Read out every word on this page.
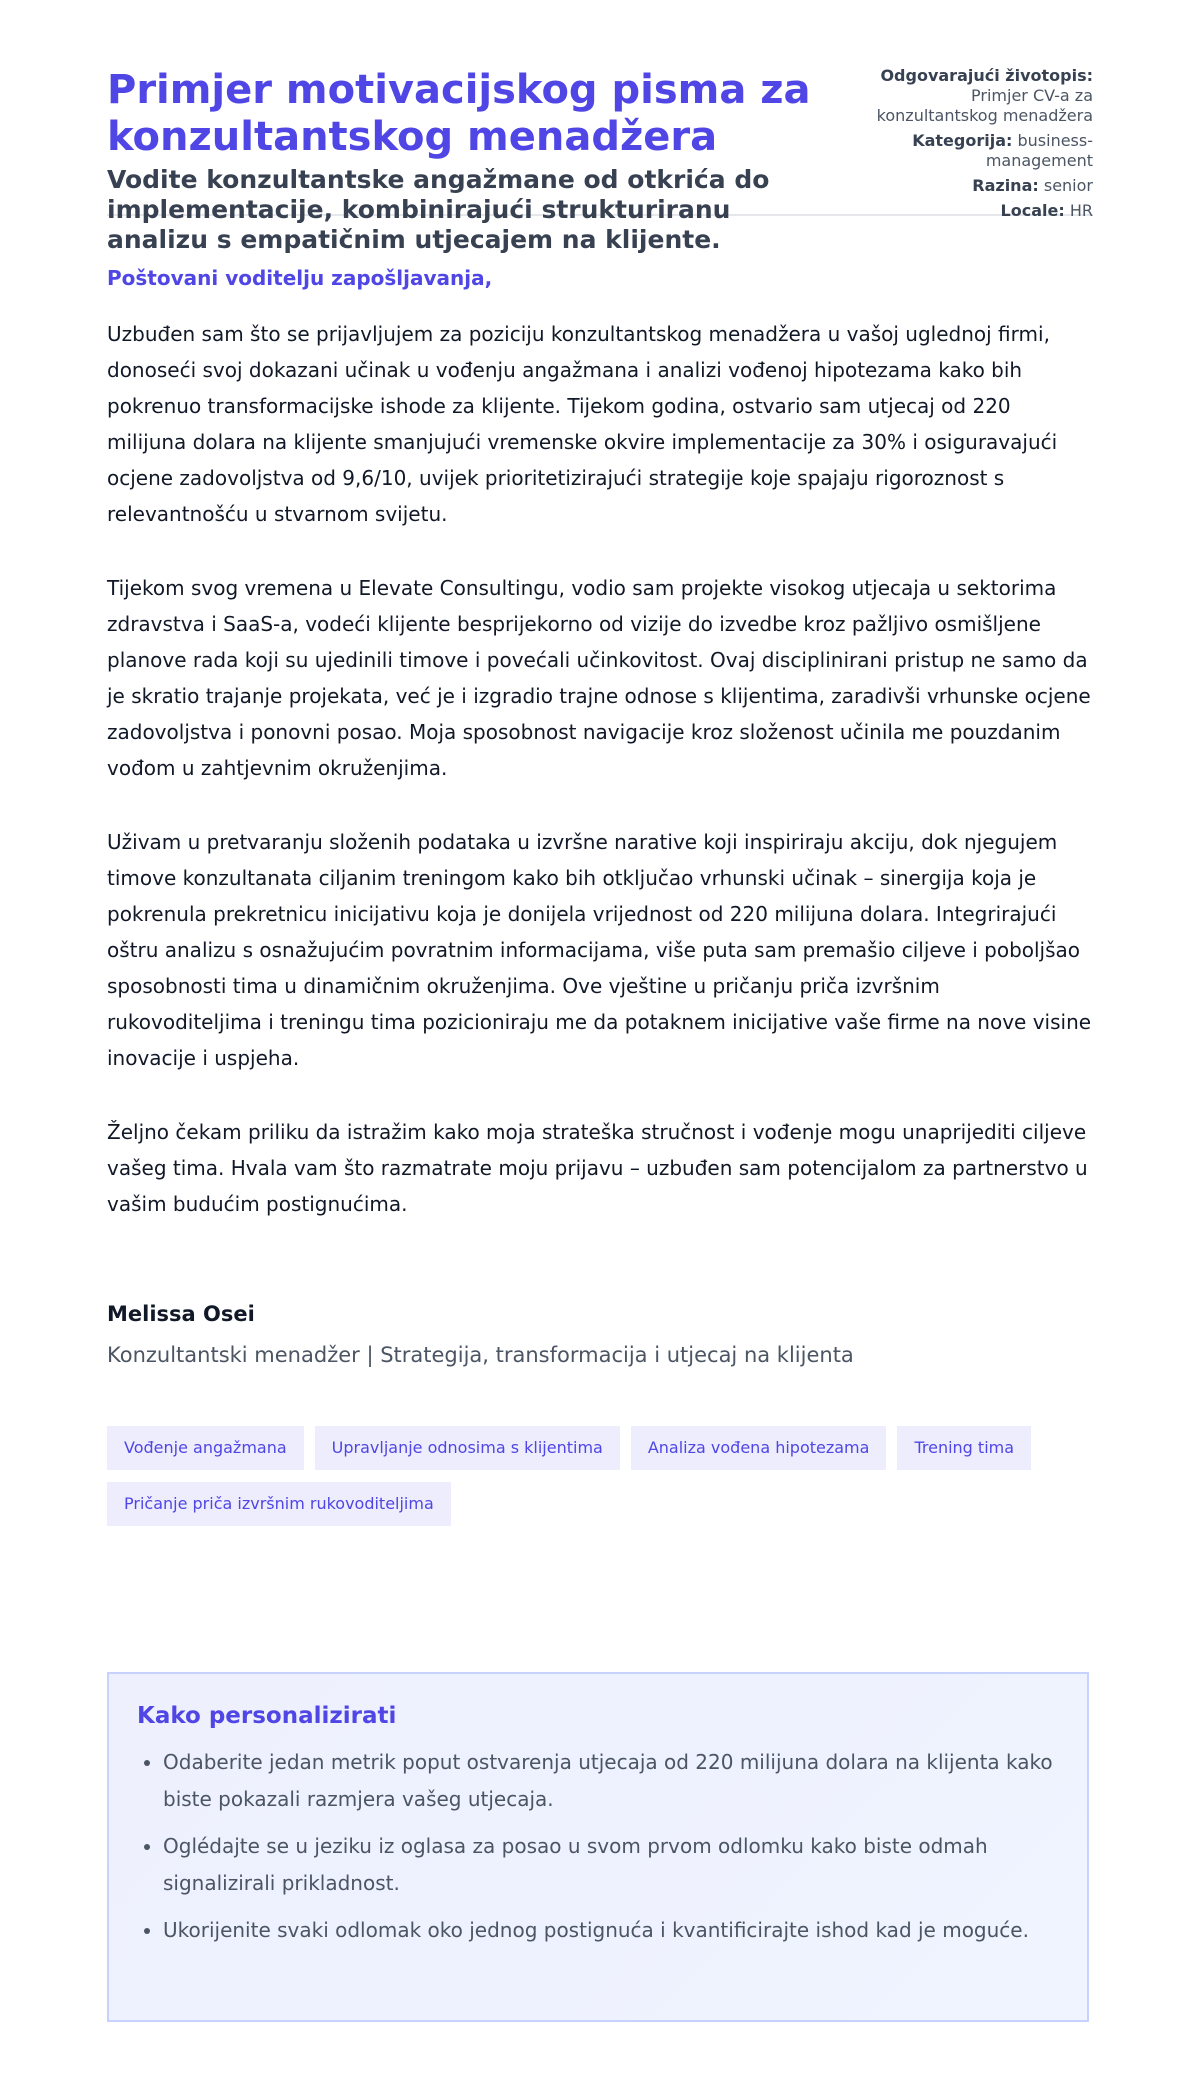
Primjer motivacijskog pisma za konzultantskog menadžera
Vodite konzultantske angažmane od otkrića do implementacije, kombinirajući strukturiranu analizu s empatičnim utjecajem na klijente.
Odgovarajući životopis: Primjer CV-a za konzultantskog menadžera
Kategorija: business-management
Razina: senior
Locale: HR

Poštovani voditelju zapošljavanja,

Uzbuđen sam što se prijavljujem za poziciju konzultantskog menadžera u vašoj uglednoj firmi, donoseći svoj dokazani učinak u vođenju angažmana i analizi vođenoj hipotezama kako bih pokrenuo transformacijske ishode za klijente. Tijekom godina, ostvario sam utjecaj od 220 milijuna dolara na klijente smanjujući vremenske okvire implementacije za 30% i osiguravajući ocjene zadovoljstva od 9,6/10, uvijek prioritetizirajući strategije koje spajaju rigoroznost s relevantnošću u stvarnom svijetu.

Tijekom svog vremena u Elevate Consultingu, vodio sam projekte visokog utjecaja u sektorima zdravstva i SaaS-a, vodeći klijente besprijekorno od vizije do izvedbe kroz pažljivo osmišljene planove rada koji su ujedinili timove i povećali učinkovitost. Ovaj disciplinirani pristup ne samo da je skratio trajanje projekata, već je i izgradio trajne odnose s klijentima, zaradivši vrhunske ocjene zadovoljstva i ponovni posao. Moja sposobnost navigacije kroz složenost učinila me pouzdanim vođom u zahtjevnim okruženjima.

Uživam u pretvaranju složenih podataka u izvršne narative koji inspiriraju akciju, dok njegujem timove konzultanata ciljanim treningom kako bih otključao vrhunski učinak – sinergija koja je pokrenula prekretnicu inicijativu koja je donijela vrijednost od 220 milijuna dolara. Integrirajući oštru analizu s osnažujućim povratnim informacijama, više puta sam premašio ciljeve i poboljšao sposobnosti tima u dinamičnim okruženjima. Ove vještine u pričanju priča izvršnim rukovoditeljima i treningu tima pozicioniraju me da potaknem inicijative vaše firme na nove visine inovacije i uspjeha.

Željno čekam priliku da istražim kako moja strateška stručnost i vođenje mogu unaprijediti ciljeve vašeg tima. Hvala vam što razmatrate moju prijavu – uzbuđen sam potencijalom za partnerstvo u vašim budućim postignućima.

Melissa Osei
Konzultantski menadžer | Strategija, transformacija i utjecaj na klijenta
Vođenje angažmana	Upravljanje odnosima s klijentima	Analiza vođena hipotezama	Trening tima
Pričanje priča izvršnim rukovoditeljima
Kako personalizirati
• Odaberite jedan metrik poput ostvarenja utjecaja od 220 milijuna dolara na klijenta kako biste pokazali razmjera vašeg utjecaja.
• Oglédajte se u jeziku iz oglasa za posao u svom prvom odlomku kako biste odmah signalizirali prikladnost.
• Ukorijenite svaki odlomak oko jednog postignuća i kvantificirajte ishod kad je moguće.
